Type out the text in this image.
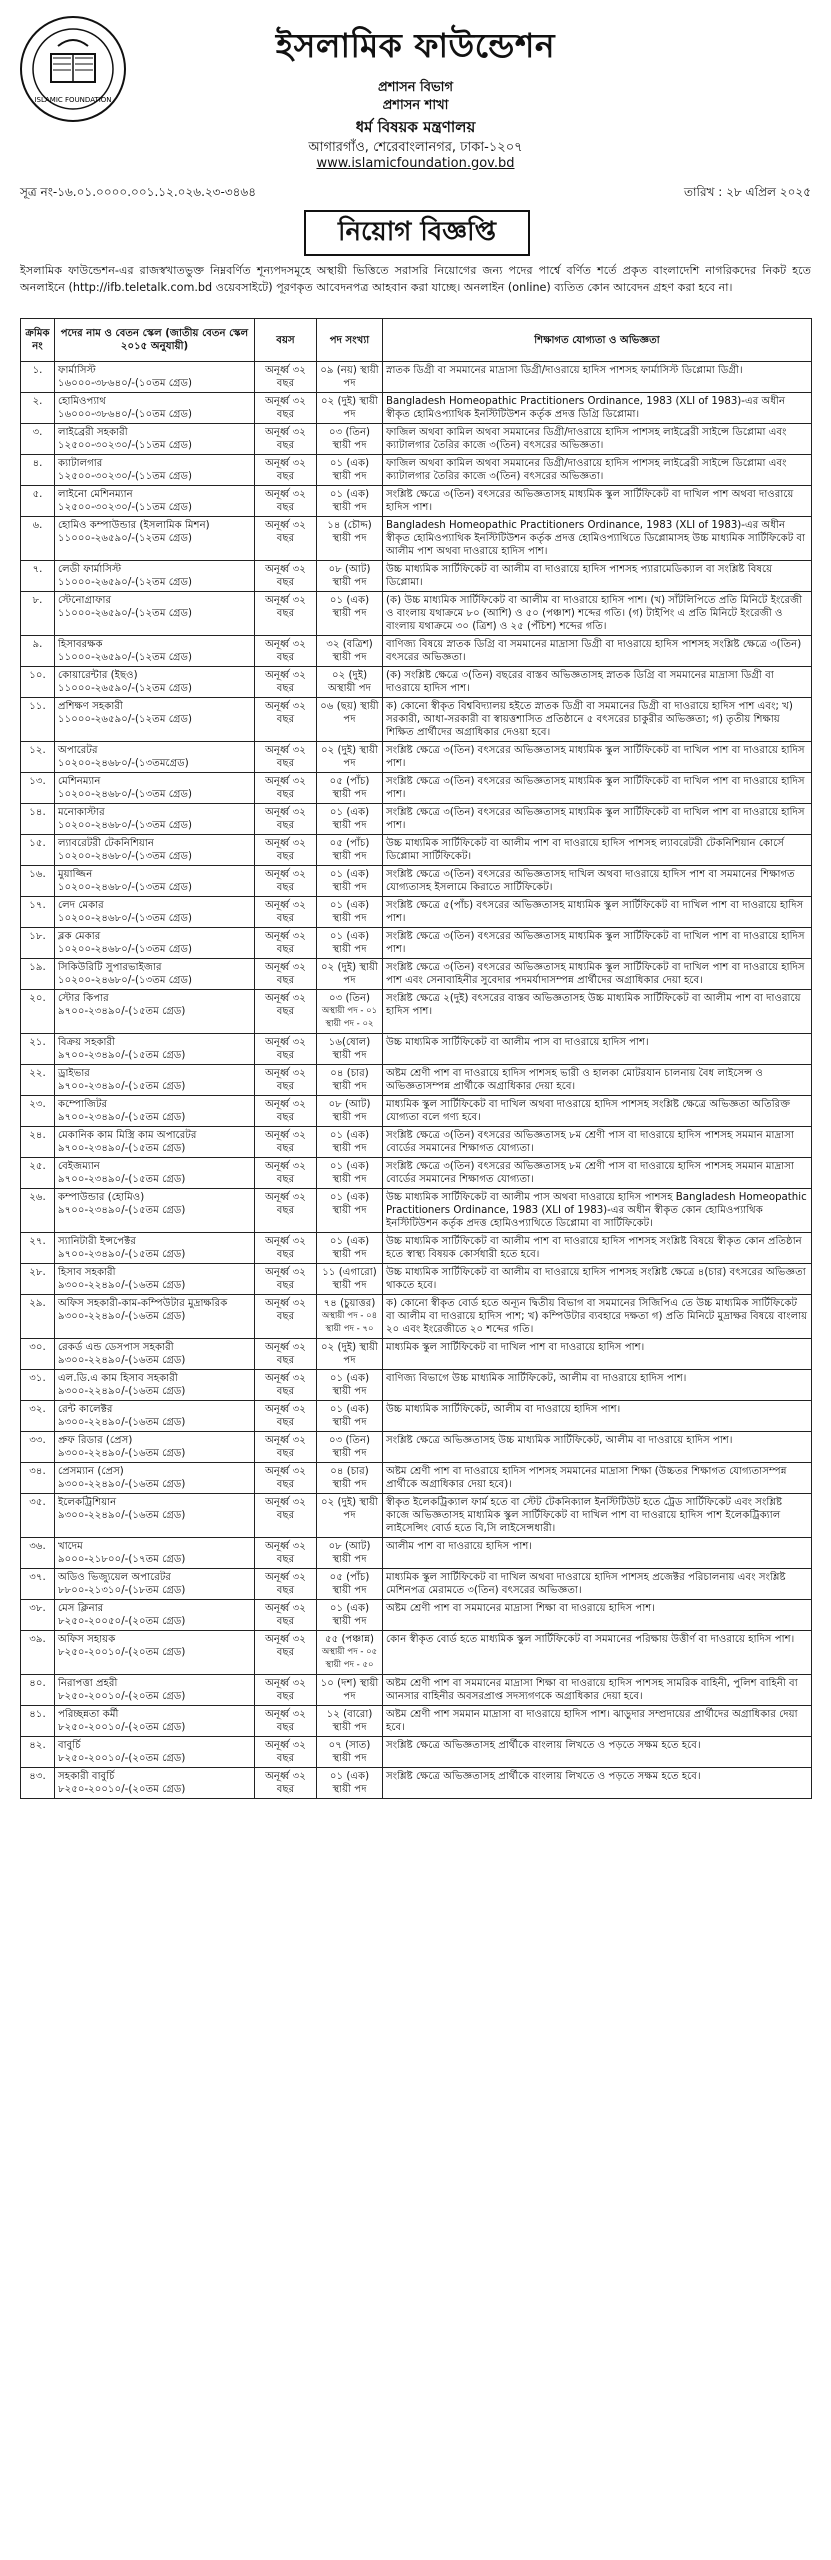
ISLAMIC FOUNDATION
ইসলামিক ফাউন্ডেশন
প্রশাসন বিভাগ
প্রশাসন শাখা
ধর্ম বিষয়ক মন্ত্রণালয়
আগারগাঁও, শেরেবাংলানগর, ঢাকা-১২০৭
www.islamicfoundation.gov.bd
সূত্র নং-১৬.০১.০০০০.০০১.১২.০২৬.২৩-৩৪৬৪	তারিখ : ২৮ এপ্রিল ২০২৫
নিয়োগ বিজ্ঞপ্তি
ইসলামিক ফাউন্ডেশন-এর রাজস্বখাতভুক্ত নিম্নবর্ণিত শূন্যপদসমূহে অস্থায়ী ভিত্তিতে সরাসরি নিয়োগের জন্য পদের পার্শ্বে বর্ণিত শর্তে প্রকৃত বাংলাদেশি নাগরিকদের নিকট হতে অনলাইনে (http://ifb.teletalk.com.bd ওয়েবসাইটে) পূরণকৃত আবেদনপত্র আহবান করা যাচ্ছে। অনলাইন (online) ব্যতিত কোন আবেদন গ্রহণ করা হবে না।
ক্রমিক নং	পদের নাম ও বেতন স্কেল (জাতীয় বেতন স্কেল ২০১৫ অনুযায়ী)	বয়স	পদ সংখ্যা	শিক্ষাগত যোগ্যতা ও অভিজ্ঞতা
১.	ফার্মাসিস্ট
১৬০০০-৩৮৬৪০/-(১০তম গ্রেড)	অনূর্ধ্ব ৩২ বছর	০৯ (নয়) স্থায়ী পদ	স্নাতক ডিগ্রী বা সমমানের মাদ্রাসা ডিগ্রী/দাওরায়ে হাদিস পাশসহ ফার্মাসিস্ট ডিপ্লোমা ডিগ্রী।
২.	হোমিওপ্যাথ
১৬০০০-৩৮৬৪০/-(১০তম গ্রেড)	অনূর্ধ্ব ৩২ বছর	০২ (দুই) স্থায়ী পদ	Bangladesh Homeopathic Practitioners Ordinance, 1983 (XLI of 1983)-এর অধীন স্বীকৃত হোমিওপ্যাথিক ইনস্টিটিউশন কর্তৃক প্রদত্ত ডিগ্রি ডিপ্লোমা।
৩.	লাইব্রেরী সহকারী
১২৫০০-৩০২৩০/-(১১তম গ্রেড)	অনূর্ধ্ব ৩২ বছর	০৩ (তিন) স্থায়ী পদ	ফাজিল অথবা কামিল অথবা সমমানের ডিগ্রী/দাওরায়ে হাদিস পাশসহ লাইব্রেরী সাইন্সে ডিপ্লোমা এবং ক্যাটালগার তৈরির কাজে ৩(তিন) বৎসরের অভিজ্ঞতা।
৪.	ক্যাটালগার
১২৫০০-৩০২৩০/-(১১তম গ্রেড)	অনূর্ধ্ব ৩২ বছর	০১ (এক) স্থায়ী পদ	ফাজিল অথবা কামিল অথবা সমমানের ডিগ্রী/দাওরায়ে হাদিস পাশসহ লাইব্রেরী সাইন্সে ডিপ্লোমা এবং ক্যাটালগার তৈরির কাজে ৩(তিন) বৎসরের অভিজ্ঞতা।
৫.	লাইনো মেশিনম্যান
১২৫০০-৩০২৩০/-(১১তম গ্রেড)	অনূর্ধ্ব ৩২ বছর	০১ (এক) স্থায়ী পদ	সংশ্লিষ্ট ক্ষেত্রে ৩(তিন) বৎসরের অভিজ্ঞতাসহ মাধ্যমিক স্কুল সার্টিফিকেট বা দাখিল পাশ অথবা দাওরায়ে হাদিস পাশ।
৬.	হোমিও কম্পাউন্ডার (ইসলামিক মিশন)
১১০০০-২৬৫৯০/-(১২তম গ্রেড)	অনূর্ধ্ব ৩২ বছর	১৪ (চৌদ্দ) স্থায়ী পদ	Bangladesh Homeopathic Practitioners Ordinance, 1983 (XLI of 1983)-এর অধীন স্বীকৃত হোমিওপ্যাথিক ইনস্টিটিউশন কর্তৃক প্রদত্ত হোমিওপ্যাথিতে ডিপ্লোমাসহ উচ্চ মাধ্যমিক সার্টিফিকেট বা আলীম পাশ অথবা দাওরায়ে হাদিস পাশ।
৭.	লেডী ফার্মাসিস্ট
১১০০০-২৬৫৯০/-(১২তম গ্রেড)	অনূর্ধ্ব ৩২ বছর	০৮ (আট) স্থায়ী পদ	উচ্চ মাধ্যমিক সার্টিফিকেট বা আলীম বা দাওরায়ে হাদিস পাশসহ প্যারামেডিক্যাল বা সংশ্লিষ্ট বিষয়ে ডিপ্লোমা।
৮.	স্টেনোগ্রাফার
১১০০০-২৬৫৯০/-(১২তম গ্রেড)	অনূর্ধ্ব ৩২ বছর	০১ (এক) স্থায়ী পদ	(ক) উচ্চ মাধ্যমিক সার্টিফিকেট বা আলীম বা দাওরায়ে হাদিস পাশ। (খ) সাঁটলিপিতে প্রতি মিনিটে ইংরেজী ও বাংলায় যথাক্রমে ৮০ (আশি) ও ৫০ (পঞ্চাশ) শব্দের গতি। (গ) টাইপিং এ প্রতি মিনিটে ইংরেজী ও বাংলায় যথাক্রমে ৩০ (ত্রিশ) ও ২৫ (পঁচিশ) শব্দের গতি।
৯.	হিসাবরক্ষক
১১০০০-২৬৫৯০/-(১২তম গ্রেড)	অনূর্ধ্ব ৩২ বছর	৩২ (বত্রিশ) স্থায়ী পদ	বাণিজ্য বিষয়ে স্নাতক ডিগ্রি বা সমমানের মাদ্রাসা ডিগ্রী বা দাওরায়ে হাদিস পাশসহ সংশ্লিষ্ট ক্ষেত্রে ৩(তিন) বৎসরের অভিজ্ঞতা।
১০.	কোয়ারেন্টার (ইছও)
১১০০০-২৬৫৯০/-(১২তম গ্রেড)	অনূর্ধ্ব ৩২ বছর	০২ (দুই) অস্থায়ী পদ	(ক) সংশ্লিষ্ট ক্ষেত্রে ৩(তিন) বছরের বাস্তব অভিজ্ঞতাসহ স্নাতক ডিগ্রি বা সমমানের মাদ্রাসা ডিগ্রী বা দাওরায়ে হাদিস পাশ।
১১.	প্রশিক্ষণ সহকারী
১১০০০-২৬৫৯০/-(১২তম গ্রেড)	অনূর্ধ্ব ৩২ বছর	০৬ (ছয়) স্থায়ী পদ	ক) কোনো স্বীকৃত বিশ্ববিদ্যালয় হইতে স্নাতক ডিগ্রী বা সমমানের ডিগ্রী বা দাওরায়ে হাদিস পাশ এবং; খ) সরকারী, আধা-সরকারী বা স্বায়ত্তশাসিত প্রতিষ্ঠানে ৫ বৎসরের চাকুরীর অভিজ্ঞতা; গ) তৃতীয় শিক্ষায় শিক্ষিত প্রার্থীদের অগ্রাধিকার দেওয়া হবে।
১২.	অপারেটর
১০২০০-২৪৬৮০/-(১৩তমগ্রেড)	অনূর্ধ্ব ৩২ বছর	০২ (দুই) স্থায়ী পদ	সংশ্লিষ্ট ক্ষেত্রে ৩(তিন) বৎসরের অভিজ্ঞতাসহ মাধ্যমিক স্কুল সার্টিফিকেট বা দাখিল পাশ বা দাওরায়ে হাদিস পাশ।
১৩.	মেশিনম্যান
১০২০০-২৪৬৮০/-(১৩তম গ্রেড)	অনূর্ধ্ব ৩২ বছর	০৫ (পাঁচ) স্থায়ী পদ	সংশ্লিষ্ট ক্ষেত্রে ৩(তিন) বৎসরের অভিজ্ঞতাসহ মাধ্যমিক স্কুল সার্টিফিকেট বা দাখিল পাশ বা দাওরায়ে হাদিস পাশ।
১৪.	মনোকাস্টার
১০২০০-২৪৬৮০/-(১৩তম গ্রেড)	অনূর্ধ্ব ৩২ বছর	০১ (এক) স্থায়ী পদ	সংশ্লিষ্ট ক্ষেত্রে ৩(তিন) বৎসরের অভিজ্ঞতাসহ মাধ্যমিক স্কুল সার্টিফিকেট বা দাখিল পাশ বা দাওরায়ে হাদিস পাশ।
১৫.	ল্যাবরেটরী টেকনিশিয়ান
১০২০০-২৪৬৮০/-(১৩তম গ্রেড)	অনূর্ধ্ব ৩২ বছর	০৫ (পাঁচ) স্থায়ী পদ	উচ্চ মাধ্যমিক সার্টিফিকেট বা আলীম পাশ বা দাওরায়ে হাদিস পাশসহ ল্যাবরেটরী টেকনিশিয়ান কোর্সে ডিপ্লোমা সার্টিফিকেট।
১৬.	মুয়াজ্জিন
১০২০০-২৪৬৮০/-(১৩তম গ্রেড)	অনূর্ধ্ব ৩২ বছর	০১ (এক) স্থায়ী পদ	সংশ্লিষ্ট ক্ষেত্রে ৩(তিন) বৎসরের অভিজ্ঞতাসহ দাখিল অথবা দাওরায়ে হাদিস পাশ বা সমমানের শিক্ষাগত যোগ্যতাসহ ইসলামে কিরাতে সার্টিফিকেট।
১৭.	লেদ মেকার
১০২০০-২৪৬৮০/-(১৩তম গ্রেড)	অনূর্ধ্ব ৩২ বছর	০১ (এক) স্থায়ী পদ	সংশ্লিষ্ট ক্ষেত্রে ৫(পাঁচ) বৎসরের অভিজ্ঞতাসহ মাধ্যমিক স্কুল সার্টিফিকেট বা দাখিল পাশ বা দাওরায়ে হাদিস পাশ।
১৮.	ব্লক মেকার
১০২০০-২৪৬৮০/-(১৩তম গ্রেড)	অনূর্ধ্ব ৩২ বছর	০১ (এক) স্থায়ী পদ	সংশ্লিষ্ট ক্ষেত্রে ৩(তিন) বৎসরের অভিজ্ঞতাসহ মাধ্যমিক স্কুল সার্টিফিকেট বা দাখিল পাশ বা দাওরায়ে হাদিস পাশ।
১৯.	সিকিউরিটি সুপারভাইজার
১০২০০-২৪৬৮০/-(১৩তম গ্রেড)	অনূর্ধ্ব ৩২ বছর	০২ (দুই) স্থায়ী পদ	সংশ্লিষ্ট ক্ষেত্রে ৩(তিন) বৎসরের অভিজ্ঞতাসহ মাধ্যমিক স্কুল সার্টিফিকেট বা দাখিল পাশ বা দাওরায়ে হাদিস পাশ এবং সেনাবাহিনীর সুবেদার পদমর্যাদাসম্পন্ন প্রার্থীদের অগ্রাধিকার দেয়া হবে।
২০.	স্টোর কিপার
৯৭০০-২৩৪৯০/-(১৫তম গ্রেড)	অনূর্ধ্ব ৩২ বছর	০৩ (তিন)
অস্থায়ী পদ - ০১ স্থায়ী পদ - ০২	সংশ্লিষ্ট ক্ষেত্রে ২(দুই) বৎসরের বাস্তব অভিজ্ঞতাসহ উচ্চ মাধ্যমিক সার্টিফিকেট বা আলীম পাশ বা দাওরায়ে হাদিস পাশ।
২১.	বিক্রয় সহকারী
৯৭০০-২৩৪৯০/-(১৫তম গ্রেড)	অনূর্ধ্ব ৩২ বছর	১৬(ষোল) স্থায়ী পদ	উচ্চ মাধ্যমিক সার্টিফিকেট বা আলীম পাস বা দাওরায়ে হাদিস পাশ।
২২.	ড্রাইভার
৯৭০০-২৩৪৯০/-(১৫তম গ্রেড)	অনূর্ধ্ব ৩২ বছর	০৪ (চার) স্থায়ী পদ	অষ্টম শ্রেণী পাশ বা দাওরায়ে হাদিস পাশসহ ভারী ও হালকা মোটরযান চালনায় বৈধ লাইসেন্স ও অভিজ্ঞতাসম্পন্ন প্রার্থীকে অগ্রাধিকার দেয়া হবে।
২৩.	কম্পোজিটর
৯৭০০-২৩৪৯০/-(১৫তম গ্রেড)	অনূর্ধ্ব ৩২ বছর	০৮ (আট) স্থায়ী পদ	মাধ্যমিক স্কুল সার্টিফিকেট বা দাখিল অথবা দাওরায়ে হাদিস পাশসহ সংশ্লিষ্ট ক্ষেত্রে অভিজ্ঞতা অতিরিক্ত যোগ্যতা বলে গণ্য হবে।
২৪.	মেকানিক কাম মিস্ত্রি কাম অপারেটর
৯৭০০-২৩৪৯০/-(১৫তম গ্রেড)	অনূর্ধ্ব ৩২ বছর	০১ (এক) স্থায়ী পদ	সংশ্লিষ্ট ক্ষেত্রে ৩(তিন) বৎসরের অভিজ্ঞতাসহ ৮ম শ্রেণী পাস বা দাওরায়ে হাদিস পাশসহ সমমান মাদ্রাসা বোর্ডের সমমানের শিক্ষাগত যোগ্যতা।
২৫.	বেইজম্যান
৯৭০০-২৩৪৯০/-(১৫তম গ্রেড)	অনূর্ধ্ব ৩২ বছর	০১ (এক) স্থায়ী পদ	সংশ্লিষ্ট ক্ষেত্রে ৩(তিন) বৎসরের অভিজ্ঞতাসহ ৮ম শ্রেণী পাস বা দাওরায়ে হাদিস পাশসহ সমমান মাদ্রাসা বোর্ডের সমমানের শিক্ষাগত যোগ্যতা।
২৬.	কম্পাউন্ডার (হোমিও)
৯৭০০-২৩৪৯০/-(১৫তম গ্রেড)	অনূর্ধ্ব ৩২ বছর	০১ (এক) স্থায়ী পদ	উচ্চ মাধ্যমিক সার্টিফিকেট বা আলীম পাস অথবা দাওরায়ে হাদিস পাশসহ Bangladesh Homeopathic Practitioners Ordinance, 1983 (XLI of 1983)-এর অধীন স্বীকৃত কোন হোমিওপ্যাথিক ইনস্টিটিউশন কর্তৃক প্রদত্ত হোমিওপ্যাথিতে ডিপ্লোমা বা সার্টিফিকেট।
২৭.	স্যানিটারী ইন্সপেক্টর
৯৭০০-২৩৪৯০/-(১৫তম গ্রেড)	অনূর্ধ্ব ৩২ বছর	০১ (এক) স্থায়ী পদ	উচ্চ মাধ্যমিক সার্টিফিকেট বা আলীম পাশ বা দাওরায়ে হাদিস পাশসহ সংশ্লিষ্ট বিষয়ে স্বীকৃত কোন প্রতিষ্ঠান হতে স্বাস্থ্য বিষয়ক কোর্সধারী হতে হবে।
২৮.	হিসাব সহকারী
৯৩০০-২২৪৯০/-(১৬তম গ্রেড)	অনূর্ধ্ব ৩২ বছর	১১ (এগারো) স্থায়ী পদ	উচ্চ মাধ্যমিক সার্টিফিকেট বা আলীম বা দাওরায়ে হাদিস পাশসহ সংশ্লিষ্ট ক্ষেত্রে ৪(চার) বৎসরের অভিজ্ঞতা থাকতে হবে।
২৯.	অফিস সহকারী-কাম-কম্পিউটার মুদ্রাক্ষরিক
৯৩০০-২২৪৯০/-(১৬তম গ্রেড)	অনূর্ধ্ব ৩২ বছর	৭৪ (চুয়াত্তর)
অস্থায়ী পদ - ০৪ স্থায়ী পদ - ৭০	ক) কোনো স্বীকৃত বোর্ড হতে অন্যূন দ্বিতীয় বিভাগ বা সমমানের সিজিপিএ তে উচ্চ মাধ্যমিক সার্টিফিকেট বা আলীম বা দাওরায়ে হাদিস পাশ; খ) কম্পিউটার ব্যবহারে দক্ষতা গ) প্রতি মিনিটে মুদ্রাক্ষর বিষয়ে বাংলায় ২০ এবং ইংরেজীতে ২০ শব্দের গতি।
৩০.	রেকর্ড এন্ড ডেসপাস সহকারী
৯৩০০-২২৪৯০/-(১৬তম গ্রেড)	অনূর্ধ্ব ৩২ বছর	০২ (দুই) স্থায়ী পদ	মাধ্যমিক স্কুল সার্টিফিকেট বা দাখিল পাশ বা দাওরায়ে হাদিস পাশ।
৩১.	এল.ডি.এ কাম হিসাব সহকারী
৯৩০০-২২৪৯০/-(১৬তম গ্রেড)	অনূর্ধ্ব ৩২ বছর	০১ (এক) স্থায়ী পদ	বাণিজ্য বিভাগে উচ্চ মাধ্যমিক সার্টিফিকেট, আলীম বা দাওরায়ে হাদিস পাশ।
৩২.	রেন্ট কালেক্টর
৯৩০০-২২৪৯০/-(১৬তম গ্রেড)	অনূর্ধ্ব ৩২ বছর	০১ (এক) স্থায়ী পদ	উচ্চ মাধ্যমিক সার্টিফিকেট, আলীম বা দাওরায়ে হাদিস পাশ।
৩৩.	প্রুফ রিডার (প্রেস)
৯৩০০-২২৪৯০/-(১৬তম গ্রেড)	অনূর্ধ্ব ৩২ বছর	০৩ (তিন) স্থায়ী পদ	সংশ্লিষ্ট ক্ষেত্রে অভিজ্ঞতাসহ উচ্চ মাধ্যমিক সার্টিফিকেট, আলীম বা দাওরায়ে হাদিস পাশ।
৩৪.	প্রেসম্যান (প্রেস)
৯৩০০-২২৪৯০/-(১৬তম গ্রেড)	অনূর্ধ্ব ৩২ বছর	০৪ (চার) স্থায়ী পদ	অষ্টম শ্রেণী পাশ বা দাওরায়ে হাদিস পাশসহ সমমানের মাদ্রাসা শিক্ষা (উচ্চতর শিক্ষাগত যোগ্যতাসম্পন্ন প্রার্থীকে অগ্রাধিকার দেয়া হবে)।
৩৫.	ইলেকট্রিশিয়ান
৯৩০০-২২৪৯০/-(১৬তম গ্রেড)	অনূর্ধ্ব ৩২ বছর	০২ (দুই) স্থায়ী পদ	স্বীকৃত ইলেকট্রিক্যাল ফার্ম হতে বা স্টেট টেকনিক্যাল ইনস্টিটিউট হতে ট্রেড সার্টিফিকেট এবং সংশ্লিষ্ট কাজে অভিজ্ঞতাসহ মাধ্যমিক স্কুল সার্টিফিকেট বা দাখিল পাশ বা দাওরায়ে হাদিস পাশ ইলেকট্রিক্যাল লাইসেন্সিং বোর্ড হতে বি,সি লাইসেন্সধারী।
৩৬.	খাদেম
৯০০০-২১৮০০/-(১৭তম গ্রেড)	অনূর্ধ্ব ৩২ বছর	০৮ (আট) স্থায়ী পদ	আলীম পাশ বা দাওরায়ে হাদিস পাশ।
৩৭.	অডিও ভিজ্যুয়েল অপারেটর
৮৮০০-২১৩১০/-(১৮তম গ্রেড)	অনূর্ধ্ব ৩২ বছর	০৫ (পাঁচ) স্থায়ী পদ	মাধ্যমিক স্কুল সার্টিফিকেট বা দাখিল অথবা দাওরায়ে হাদিস পাশসহ প্রজেক্টর পরিচালনায় এবং সংশ্লিষ্ট মেশিনপত্র মেরামতে ৩(তিন) বৎসরের অভিজ্ঞতা।
৩৮.	মেস ক্লিনার
৮২৫০-২০০৫০/-(২০তম গ্রেড)	অনূর্ধ্ব ৩২ বছর	০১ (এক) স্থায়ী পদ	অষ্টম শ্রেণী পাশ বা সমমানের মাদ্রাসা শিক্ষা বা দাওরায়ে হাদিস পাশ।
৩৯.	অফিস সহায়ক
৮২৫০-২০০১০/-(২০তম গ্রেড)	অনূর্ধ্ব ৩২ বছর	৫৫ (পঞ্চান্ন)
অস্থায়ী পদ - ০৫ স্থায়ী পদ - ৫০	কোন স্বীকৃত বোর্ড হতে মাধ্যমিক স্কুল সার্টিফিকেট বা সমমানের পরিক্ষায় উত্তীর্ণ বা দাওরায়ে হাদিস পাশ।
৪০.	নিরাপত্তা প্রহরী
৮২৫০-২০০১০/-(২০তম গ্রেড)	অনূর্ধ্ব ৩২ বছর	১০ (দশ) স্থায়ী পদ	অষ্টম শ্রেণী পাশ বা সমমানের মাদ্রাসা শিক্ষা বা দাওরায়ে হাদিস পাশসহ সামরিক বাহিনী, পুলিশ বাহিনী বা আনসার বাহিনীর অবসরপ্রাপ্ত সদস্যগণকে অগ্রাধিকার দেয়া হবে।
৪১.	পরিচ্ছন্নতা কর্মী
৮২৫০-২০০১০/-(২০তম গ্রেড)	অনূর্ধ্ব ৩২ বছর	১২ (বারো) স্থায়ী পদ	অষ্টম শ্রেণী পাশ সমমান মাদ্রাসা বা দাওরায়ে হাদিস পাশ। ঝাড়ুদার সম্প্রদায়ের প্রার্থীদের অগ্রাধিকার দেয়া হবে।
৪২.	বাবুর্চি
৮২৫০-২০০১০/-(২০তম গ্রেড)	অনূর্ধ্ব ৩২ বছর	০৭ (সাত) স্থায়ী পদ	সংশ্লিষ্ট ক্ষেত্রে অভিজ্ঞতাসহ প্রার্থীকে বাংলায় লিখতে ও পড়তে সক্ষম হতে হবে।
৪৩.	সহকারী বাবুর্চি
৮২৫০-২০০১০/-(২০তম গ্রেড)	অনূর্ধ্ব ৩২ বছর	০১ (এক) স্থায়ী পদ	সংশ্লিষ্ট ক্ষেত্রে অভিজ্ঞতাসহ প্রার্থীকে বাংলায় লিখতে ও পড়তে সক্ষম হতে হবে।
